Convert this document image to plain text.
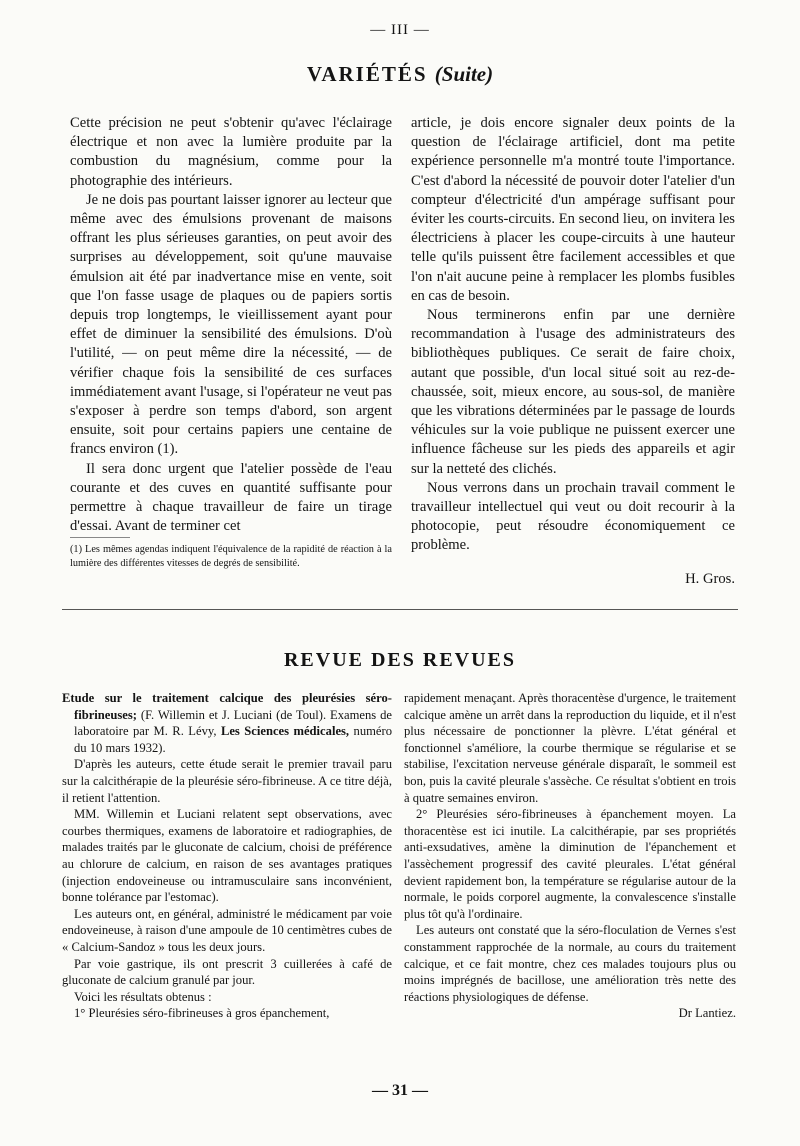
— III —
VARIÉTÉS (Suite)

Cette précision ne peut s'obtenir qu'avec l'éclairage électrique et non avec la lumière produite par la combustion du magnésium, comme pour la photographie des intérieurs.

Je ne dois pas pourtant laisser ignorer au lecteur que même avec des émulsions provenant de maisons offrant les plus sérieuses garanties, on peut avoir des surprises au développement, soit qu'une mauvaise émulsion ait été par inadvertance mise en vente, soit que l'on fasse usage de plaques ou de papiers sortis depuis trop longtemps, le vieillissement ayant pour effet de diminuer la sensibilité des émulsions. D'où l'utilité, — on peut même dire la nécessité, — de vérifier chaque fois la sensibilité de ces surfaces immédiatement avant l'usage, si l'opérateur ne veut pas s'exposer à perdre son temps d'abord, son argent ensuite, soit pour certains papiers une centaine de francs environ (1).

Il sera donc urgent que l'atelier possède de l'eau courante et des cuves en quantité suffisante pour permettre à chaque travailleur de faire un tirage d'essai. Avant de terminer cet

(1) Les mêmes agendas indiquent l'équivalence de la rapidité de réaction à la lumière des différentes vitesses de degrés de sensibilité.

article, je dois encore signaler deux points de la question de l'éclairage artificiel, dont ma petite expérience personnelle m'a montré toute l'importance. C'est d'abord la nécessité de pouvoir doter l'atelier d'un compteur d'électricité d'un ampérage suffisant pour éviter les courts-circuits. En second lieu, on invitera les électriciens à placer les coupe-circuits à une hauteur telle qu'ils puissent être facilement accessibles et que l'on n'ait aucune peine à remplacer les plombs fusibles en cas de besoin.

Nous terminerons enfin par une dernière recommandation à l'usage des administrateurs des bibliothèques publiques. Ce serait de faire choix, autant que possible, d'un local situé soit au rez-de-chaussée, soit, mieux encore, au sous-sol, de manière que les vibrations déterminées par le passage de lourds véhicules sur la voie publique ne puissent exercer une influence fâcheuse sur les pieds des appareils et agir sur la netteté des clichés.

Nous verrons dans un prochain travail comment le travailleur intellectuel qui veut ou doit recourir à la photocopie, peut résoudre économiquement ce problème.

H. Gros.
REVUE DES REVUES

Etude sur le traitement calcique des pleurésies séro-fibrineuses; (F. Willemin et J. Luciani (de Toul). Examens de laboratoire par M. R. Lévy, Les Sciences médicales, numéro du 10 mars 1932).

D'après les auteurs, cette étude serait le premier travail paru sur la calcithérapie de la pleurésie séro-fibrineuse. A ce titre déjà, il retient l'attention.

MM. Willemin et Luciani relatent sept observations, avec courbes thermiques, examens de laboratoire et radiographies, de malades traités par le gluconate de calcium, choisi de préférence au chlorure de calcium, en raison de ses avantages pratiques (injection endoveineuse ou intramusculaire sans inconvénient, bonne tolérance par l'estomac).

Les auteurs ont, en général, administré le médicament par voie endoveineuse, à raison d'une ampoule de 10 centimètres cubes de « Calcium-Sandoz » tous les deux jours.

Par voie gastrique, ils ont prescrit 3 cuillerées à café de gluconate de calcium granulé par jour.

Voici les résultats obtenus :

1° Pleurésies séro-fibrineuses à gros épanchement,

rapidement menaçant. Après thoracentèse d'urgence, le traitement calcique amène un arrêt dans la reproduction du liquide, et il n'est plus nécessaire de ponctionner la plèvre. L'état général et fonctionnel s'améliore, la courbe thermique se régularise et se stabilise, l'excitation nerveuse générale disparaît, le sommeil est bon, puis la cavité pleurale s'assèche. Ce résultat s'obtient en trois à quatre semaines environ.

2° Pleurésies séro-fibrineuses à épanchement moyen. La thoracentèse est ici inutile. La calcithérapie, par ses propriétés anti-exsudatives, amène la diminution de l'épanchement et l'assèchement progressif des cavité pleurales. L'état général devient rapidement bon, la température se régularise autour de la normale, le poids corporel augmente, la convalescence s'installe plus tôt qu'à l'ordinaire.

Les auteurs ont constaté que la séro-floculation de Vernes s'est constamment rapprochée de la normale, au cours du traitement calcique, et ce fait montre, chez ces malades toujours plus ou moins imprégnés de bacillose, une amélioration très nette des réactions physiologiques de défense.

Dr Lantiez.

— 31 —
